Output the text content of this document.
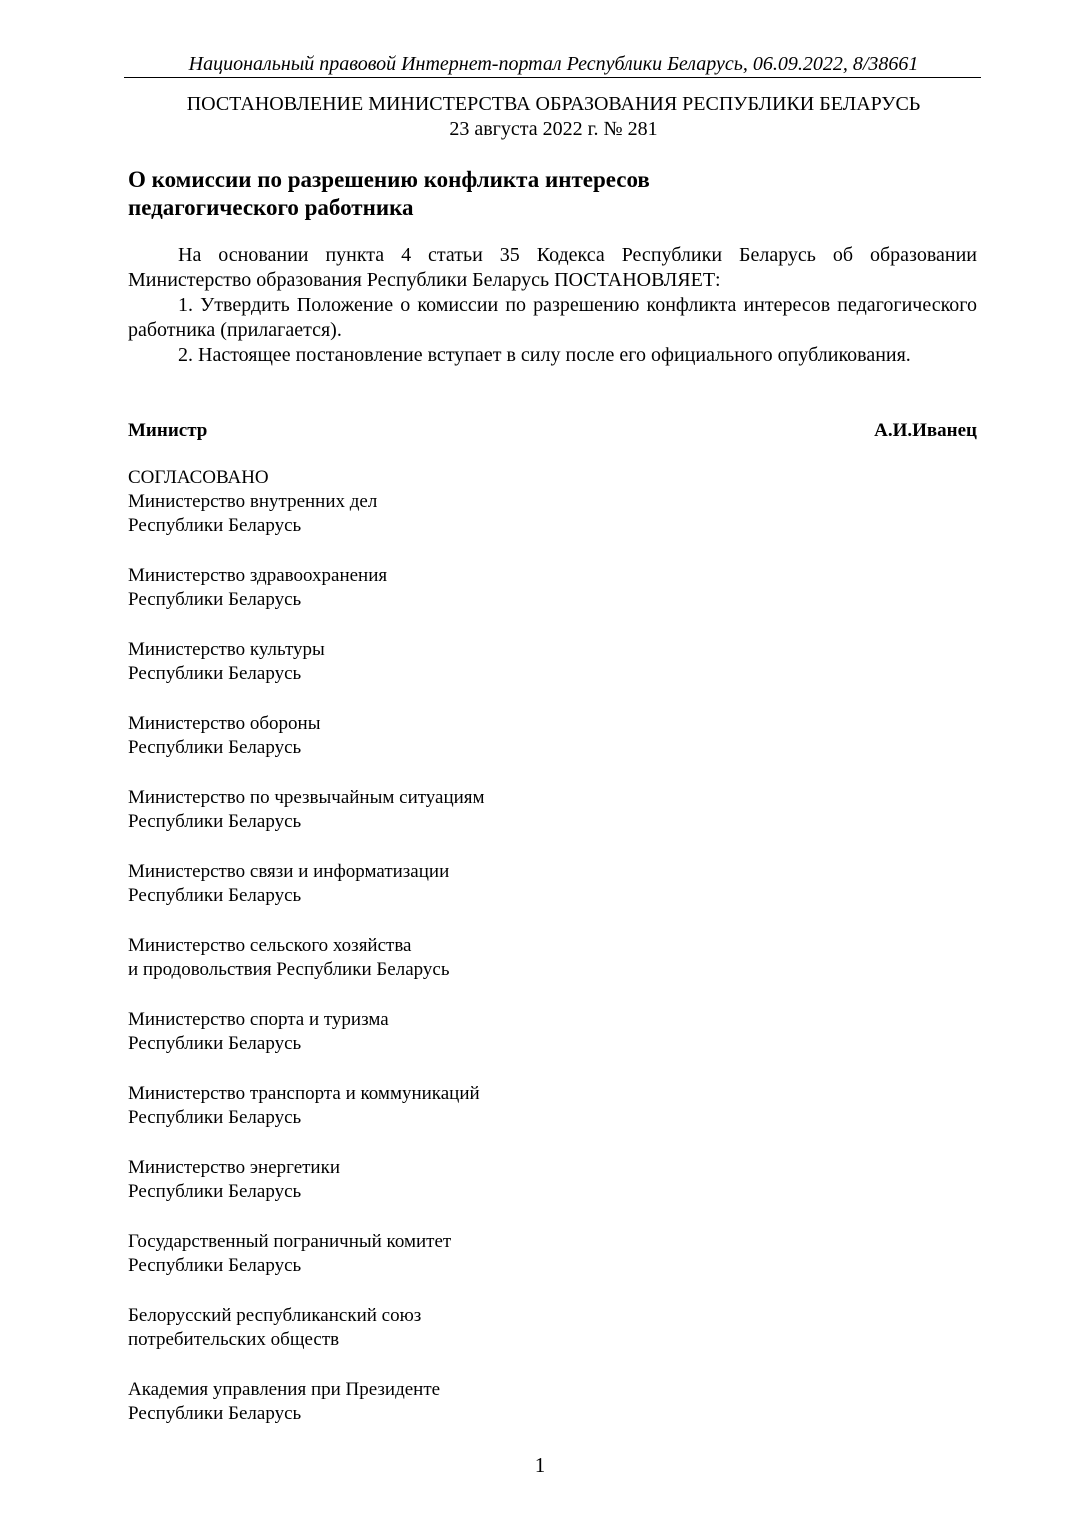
Национальный правовой Интернет-портал Республики Беларусь, 06.09.2022, 8/38661
ПОСТАНОВЛЕНИЕ МИНИСТЕРСТВА ОБРАЗОВАНИЯ РЕСПУБЛИКИ БЕЛАРУСЬ
23 августа 2022 г. № 281
О комиссии по разрешению конфликта интересов
педагогического работника
На основании пункта 4 статьи 35 Кодекса Республики Беларусь об образовании Министерство образования Республики Беларусь ПОСТАНОВЛЯЕТ:
1. Утвердить Положение о комиссии по разрешению конфликта интересов педагогического работника (прилагается).
2. Настоящее постановление вступает в силу после его официального опубликования.
Министр	А.И.Иванец
СОГЛАСОВАНО
Министерство внутренних дел
Республики Беларусь
Министерство здравоохранения
Республики Беларусь
Министерство культуры
Республики Беларусь
Министерство обороны
Республики Беларусь
Министерство по чрезвычайным ситуациям
Республики Беларусь
Министерство связи и информатизации
Республики Беларусь
Министерство сельского хозяйства
и продовольствия Республики Беларусь
Министерство спорта и туризма
Республики Беларусь
Министерство транспорта и коммуникаций
Республики Беларусь
Министерство энергетики
Республики Беларусь
Государственный пограничный комитет
Республики Беларусь
Белорусский республиканский союз
потребительских обществ
Академия управления при Президенте
Республики Беларусь
1
